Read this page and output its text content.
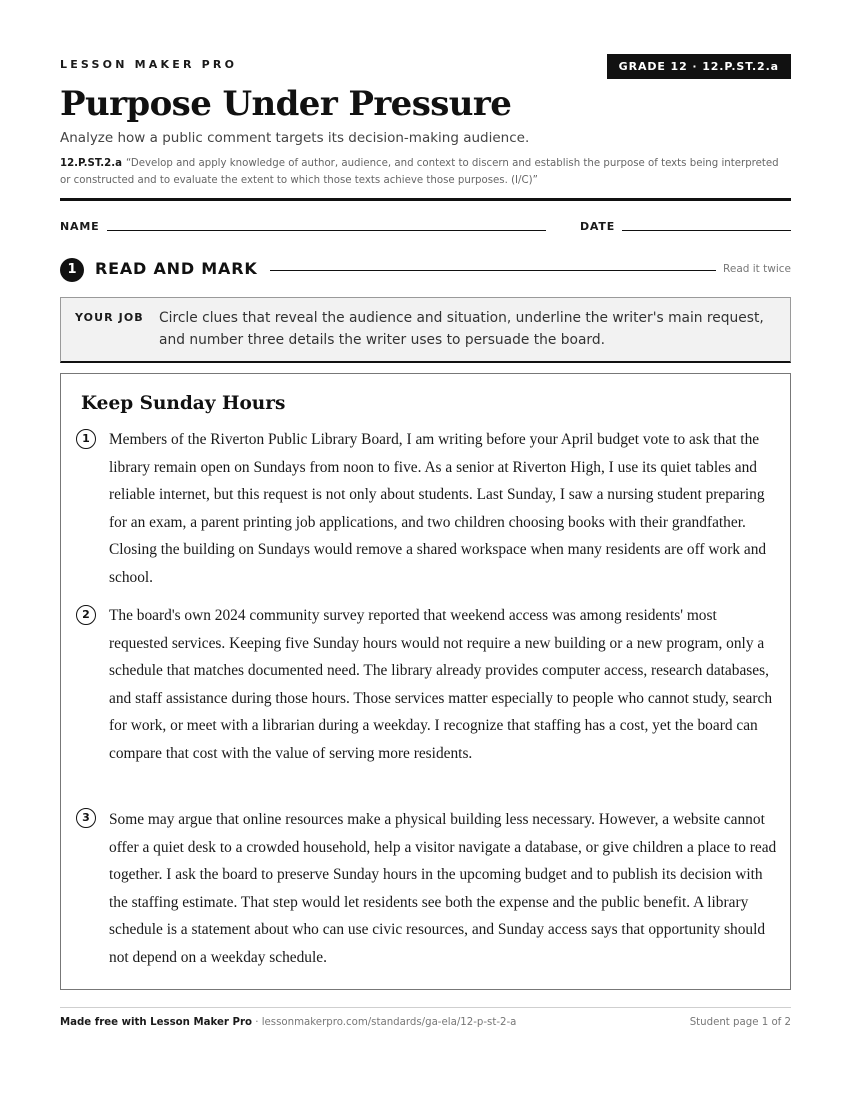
LESSON MAKER PRO	GRADE 12 · 12.P.ST.2.a
Purpose Under Pressure
Analyze how a public comment targets its decision-making audience.
12.P.ST.2.a “Develop and apply knowledge of author, audience, and context to discern and establish the purpose of texts being interpreted or constructed and to evaluate the extent to which those texts achieve those purposes. (I/C)”
NAME	DATE
1	READ AND MARK	Read it twice
YOUR JOB Circle clues that reveal the audience and situation, underline the writer's main request, and number three details the writer uses to persuade the board.
Keep Sunday Hours
1	Members of the Riverton Public Library Board, I am writing before your April budget vote to ask that the library remain open on Sundays from noon to five. As a senior at Riverton High, I use its quiet tables and reliable internet, but this request is not only about students. Last Sunday, I saw a nursing student preparing for an exam, a parent printing job applications, and two children choosing books with their grandfather. Closing the building on Sundays would remove a shared workspace when many residents are off work and school.
2	The board's own 2024 community survey reported that weekend access was among residents' most requested services. Keeping five Sunday hours would not require a new building or a new program, only a schedule that matches documented need. The library already provides computer access, research databases, and staff assistance during those hours. Those services matter especially to people who cannot study, search for work, or meet with a librarian during a weekday. I recognize that staffing has a cost, yet the board can compare that cost with the value of serving more residents.
3	Some may argue that online resources make a physical building less necessary. However, a website cannot offer a quiet desk to a crowded household, help a visitor navigate a database, or give children a place to read together. I ask the board to preserve Sunday hours in the upcoming budget and to publish its decision with the staffing estimate. That step would let residents see both the expense and the public benefit. A library schedule is a statement about who can use civic resources, and Sunday access says that opportunity should not depend on a weekday schedule.
Made free with Lesson Maker Pro · lessonmakerpro.com/standards/ga-ela/12-p-st-2-a	Student page 1 of 2
